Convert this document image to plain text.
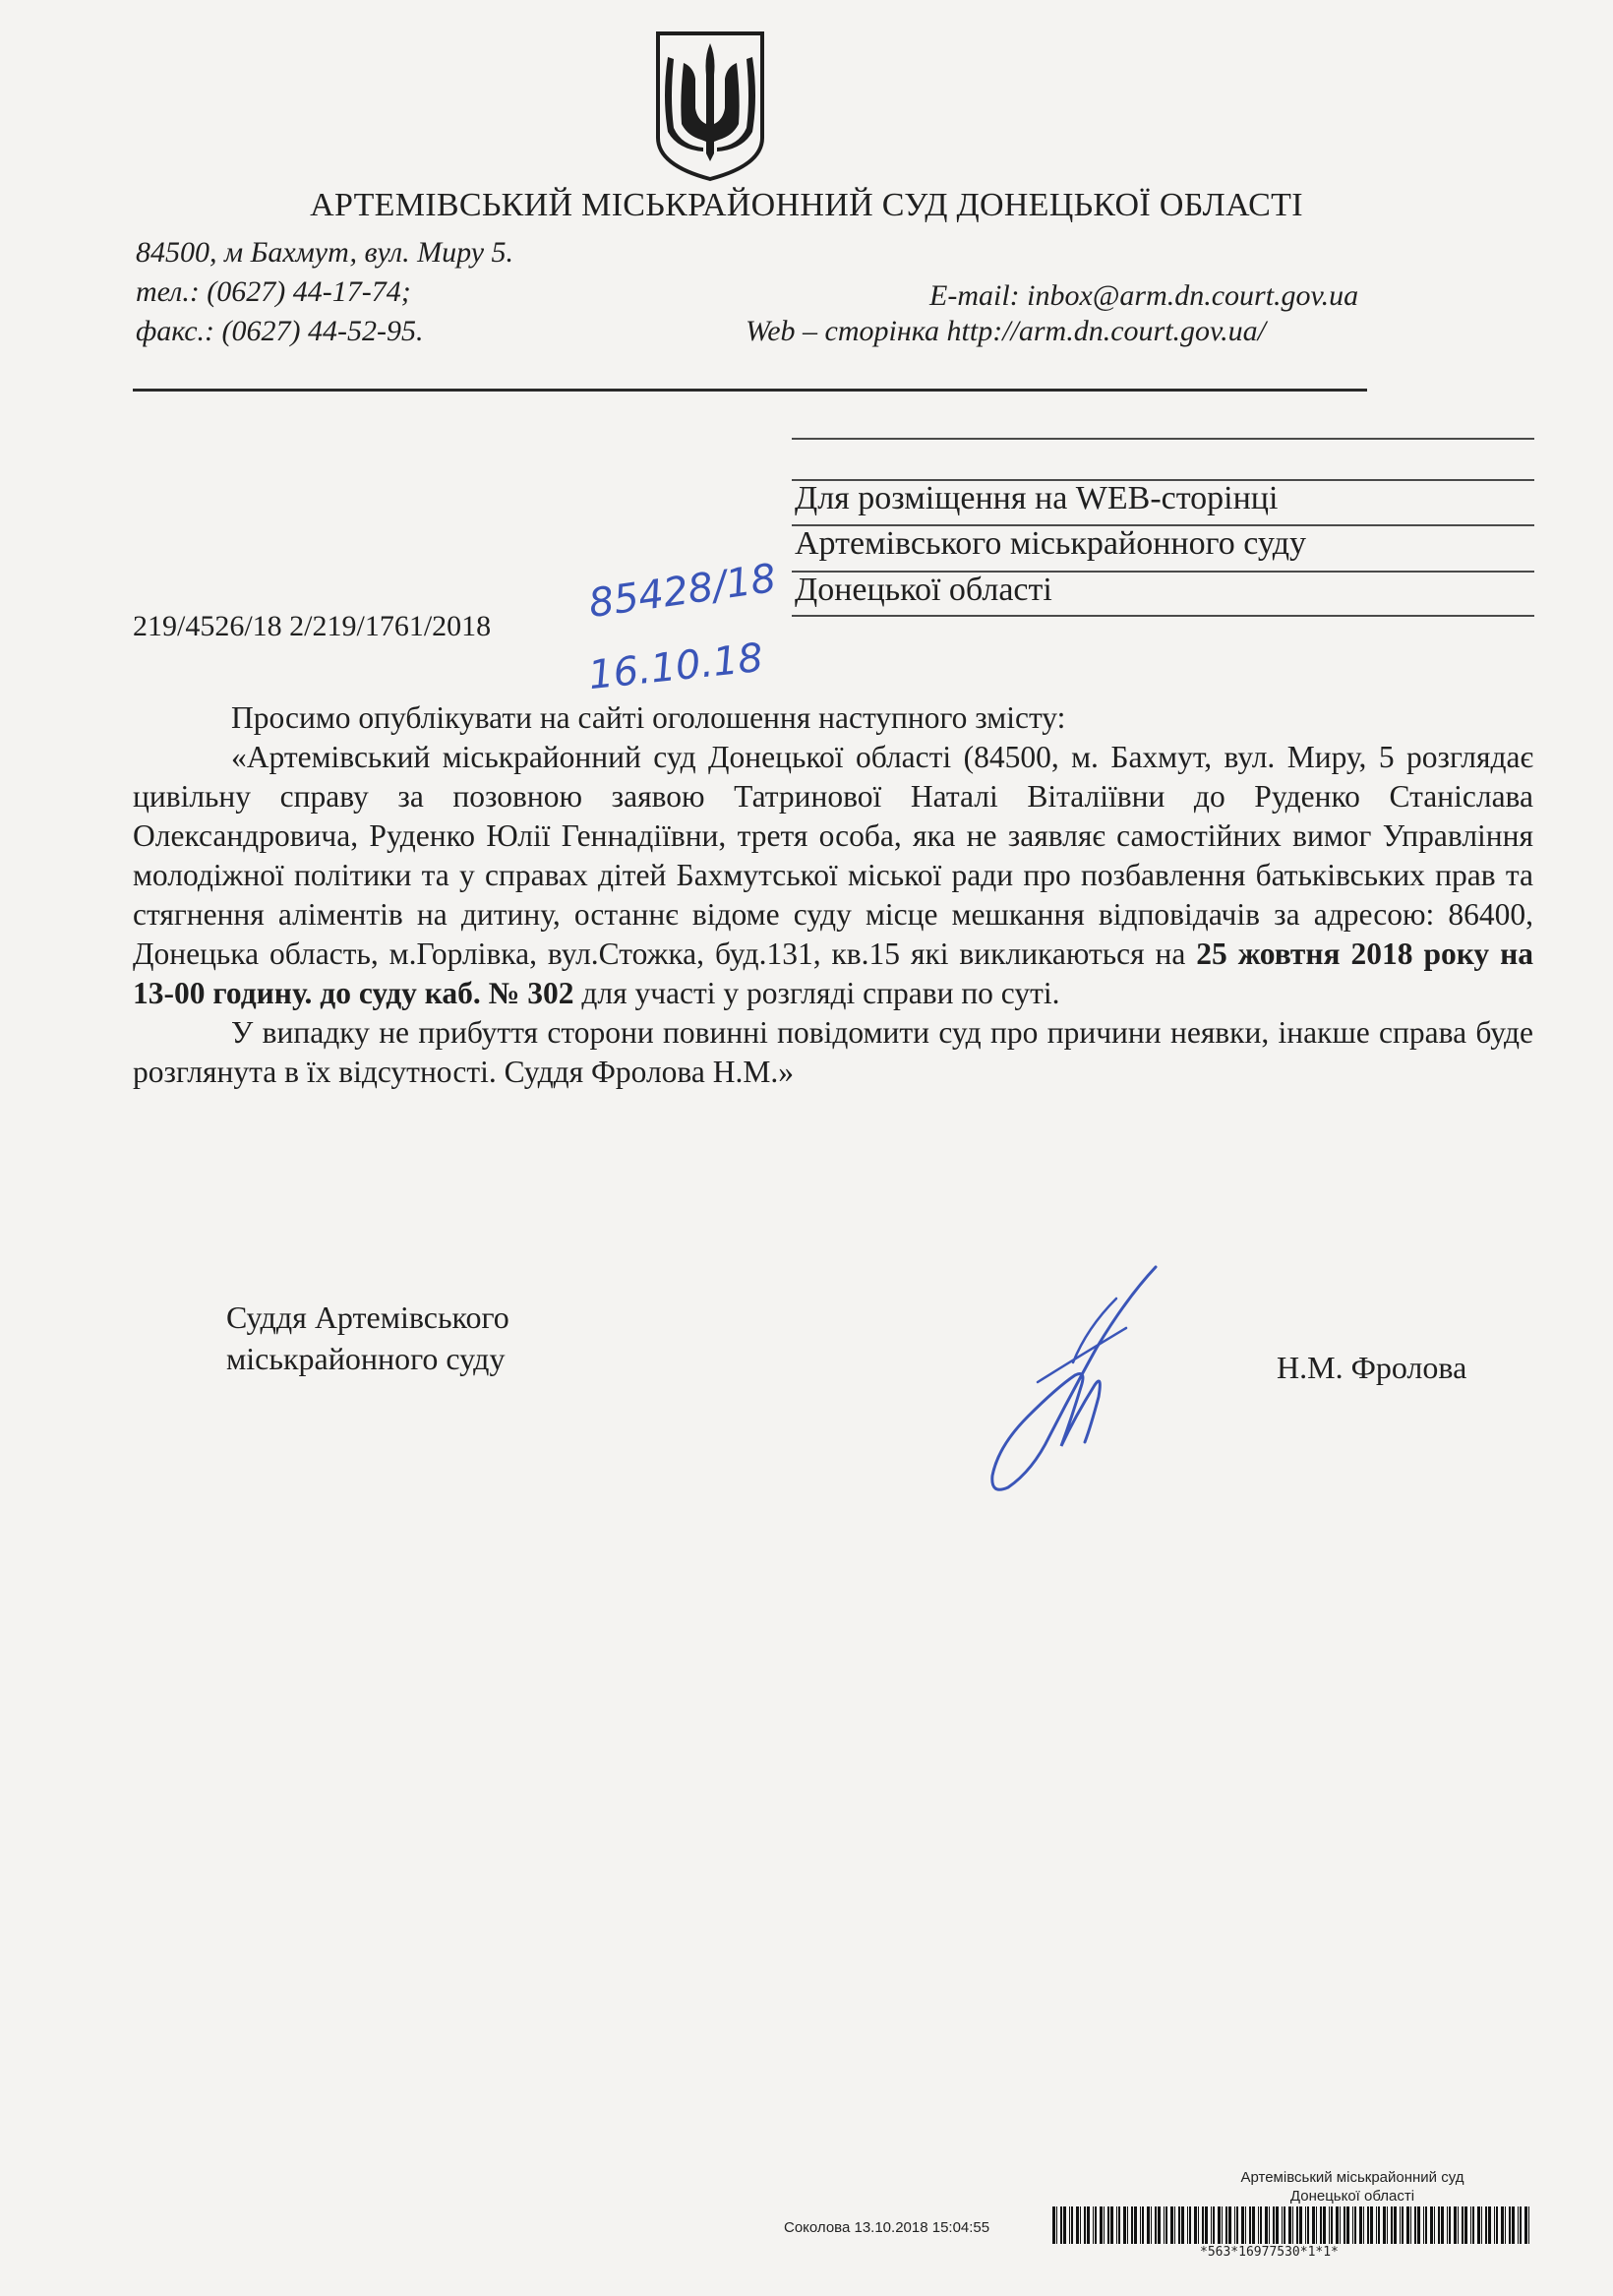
АРТЕМІВСЬКИЙ МІСЬКРАЙОННИЙ СУД ДОНЕЦЬКОЇ ОБЛАСТІ
84500, м Бахмут, вул. Миру 5.
тел.: (0627) 44-17-74;
факс.: (0627) 44-52-95.
E-mail: inbox@arm.dn.court.gov.ua
Web – сторінка http://arm.dn.court.gov.ua/
Для розміщення на WEB-сторінці
Артемівського міськрайонного суду
Донецької області
219/4526/18 2/219/1761/2018 85428/18
16.10.18

Просимо опублікувати на сайті оголошення наступного змісту:

«Артемівський міськрайонний суд Донецької області (84500, м. Бахмут, вул. Миру, 5 розглядає цивільну справу за позовною заявою Татринової Наталі Віталіївни до Руденко Станіслава Олександровича, Руденко Юлії Геннадіївни, третя особа, яка не заявляє самостійних вимог Управління молодіжної політики та у справах дітей Бахмутської міської ради про позбавлення батьківських прав та стягнення аліментів на дитину, останнє відоме суду місце мешкання відповідачів за адресою: 86400, Донецька область, м.Горлівка, вул.Стожка, буд.131, кв.15 які викликаються на 25 жовтня 2018 року на 13-00 годину. до суду каб. № 302 для участі у розгляді справи по суті.

У випадку не прибуття сторони повинні повідомити суд про причини неявки, інакше справа буде розглянута в їх відсутності. Суддя Фролова Н.М.»

Суддя Артемівського
міськрайонного суду	Н.М. Фролова
Артемівський міськрайонний суд
Донецької області
Соколова 13.10.2018 15:04:55
*563*16977530*1*1*
